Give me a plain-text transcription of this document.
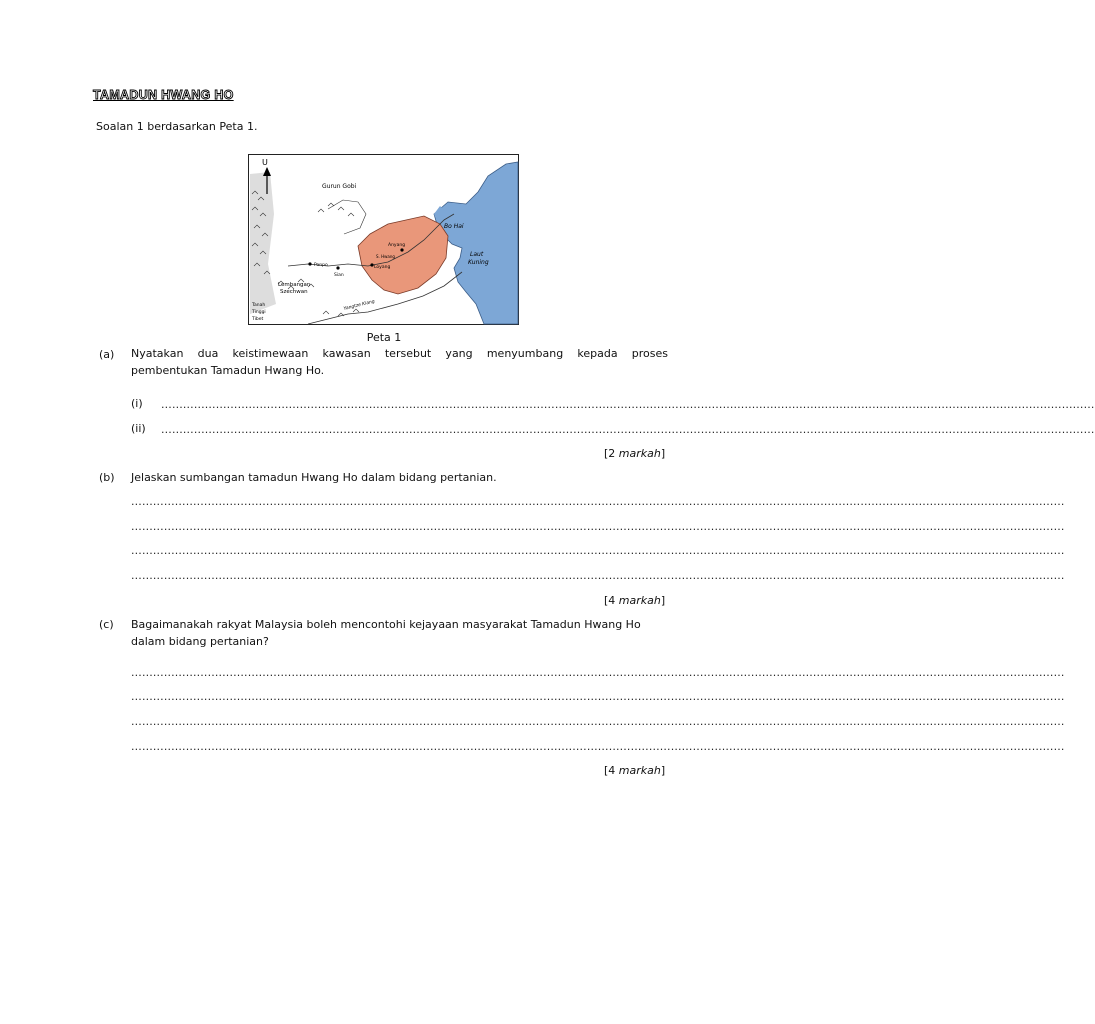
TAMADUN HWANG HO
Soalan 1 berdasarkan Peta 1.
U
Gurun Gobi
Bo Hai
Laut
Kuning
Anyang
S. Hwang
Loyang
Panpo
Sian
Lembangan
Szechwan
Yangtze Kiang
Tanah
Tinggi
Tibet
Peta 1
(a) Nyatakan dua keistimewaan kawasan tersebut yang menyumbang kepada proses
pembentukan Tamadun Hwang Ho.
(i) ................................................................................................................................................................................................................................................................
(ii) ................................................................................................................................................................................................................................................................
[2 markah]
(b) Jelaskan sumbangan tamadun Hwang Ho dalam bidang pertanian.
................................................................................................................................................................................................................................................................
................................................................................................................................................................................................................................................................
................................................................................................................................................................................................................................................................
................................................................................................................................................................................................................................................................
[4 markah]
(c) Bagaimanakah rakyat Malaysia boleh mencontohi kejayaan masyarakat Tamadun Hwang Ho
dalam bidang pertanian?
................................................................................................................................................................................................................................................................
................................................................................................................................................................................................................................................................
................................................................................................................................................................................................................................................................
................................................................................................................................................................................................................................................................
[4 markah]
